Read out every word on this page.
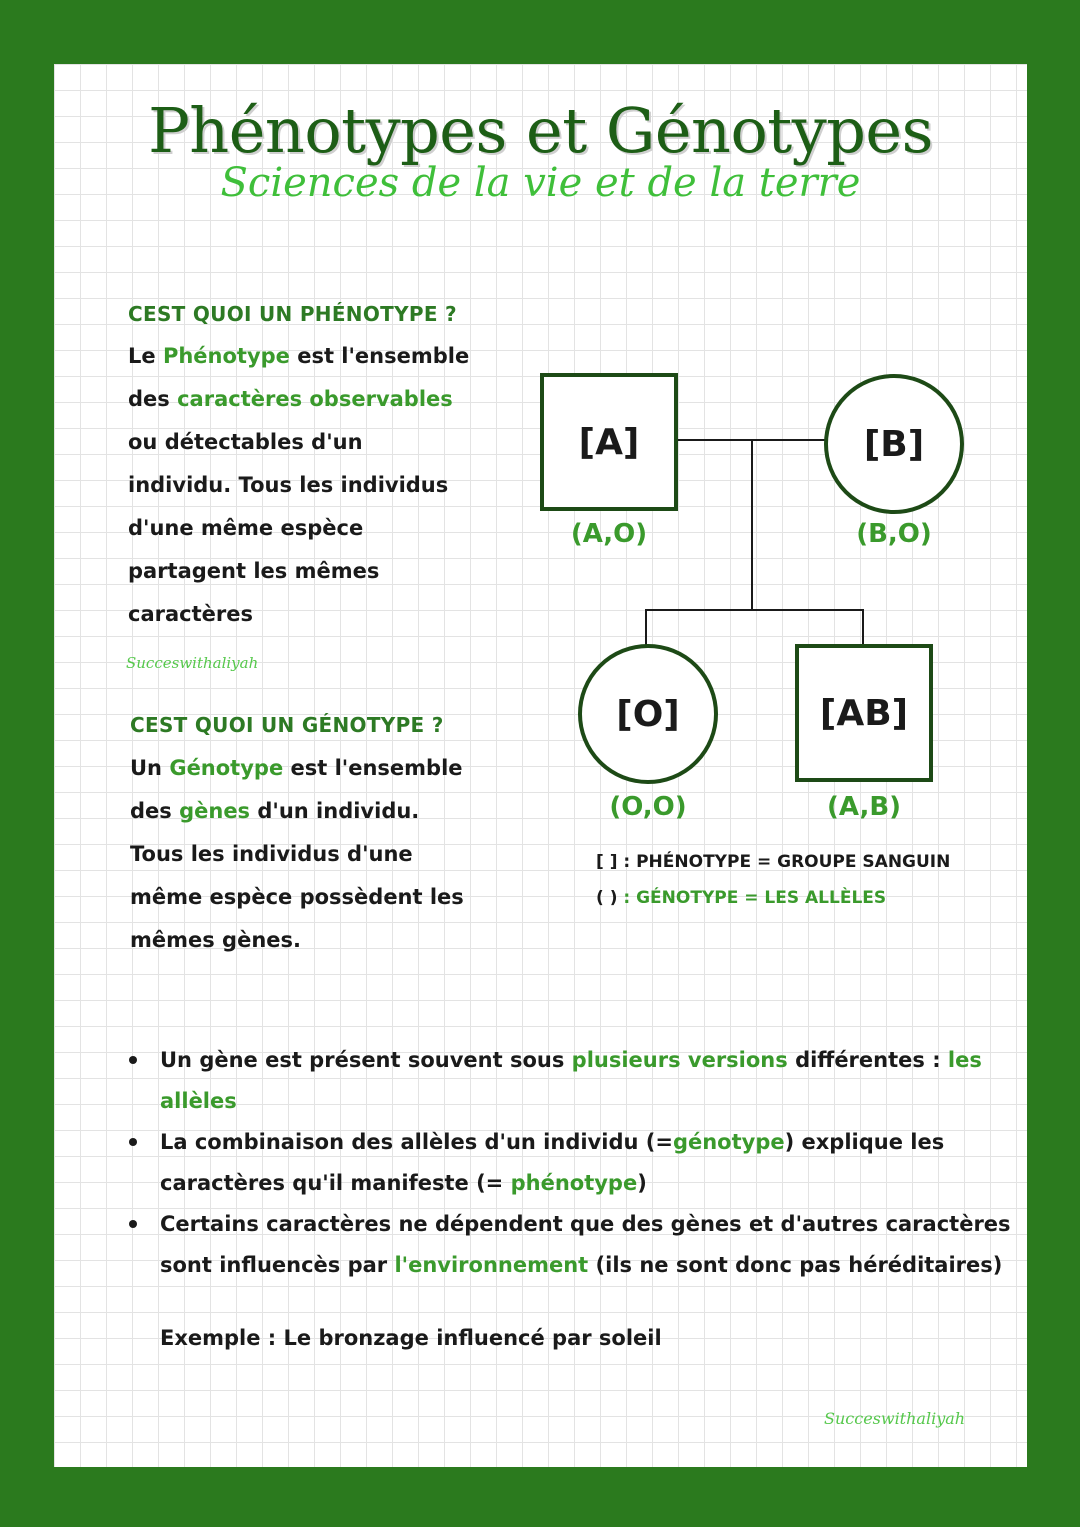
Phénotypes et Génotypes
Sciences de la vie et de la terre
CEST QUOI UN PHÉNOTYPE ?
Le Phénotype est l'ensemble
des caractères observables
ou détectables d'un
individu. Tous les individus
d'une même espèce
partagent les mêmes
caractères
Succeswithaliyah
CEST QUOI UN GÉNOTYPE ?
Un Génotype est l'ensemble
des gènes d'un individu.
Tous les individus d'une
même espèce possèdent les
mêmes gènes.
[A]
(A,O)
[B]
(B,O)
[O]
(O,O)
[AB]
(A,B)
[ ] : PHÉNOTYPE = GROUPE SANGUIN
( ) : GÉNOTYPE = LES ALLÈLES
Un gène est présent souvent sous plusieurs versions différentes : les allèles
La combinaison des allèles d'un individu (=génotype) explique les caractères qu'il manifeste (= phénotype)
Certains caractères ne dépendent que des gènes et d'autres caractères sont influencès par l'environnement (ils ne sont donc pas héréditaires)
Exemple : Le bronzage influencé par soleil
Succeswithaliyah
